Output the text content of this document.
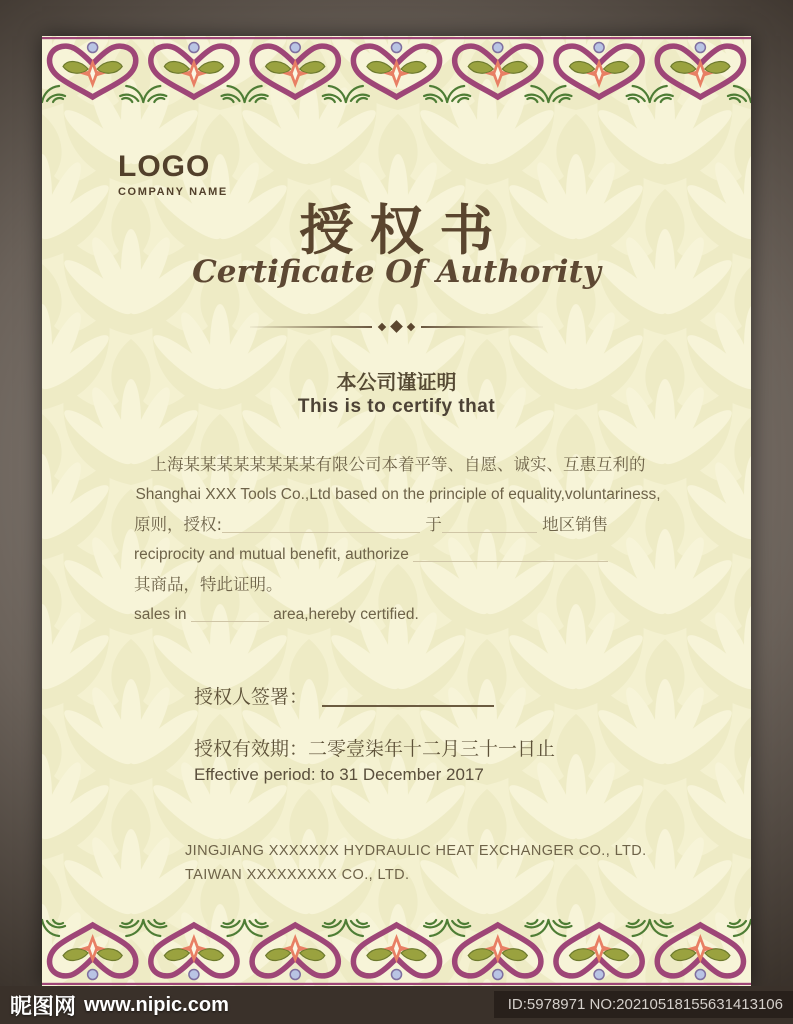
LOGO
COMPANY NAME
授权书
Certificate Of Authority
本公司谨证明
This is to certify that
上海某某某某某某某某有限公司本着平等、自愿、诚实、互惠互利的
Shanghai XXX Tools Co.,Ltd based on the principle of equality,voluntariness,
原则，授权:	于	地区销售
reciprocity and mutual benefit, authorize
其商品，特此证明。
sales in	area,hereby certified.
授权人签署：
授权有效期：二零壹柒年十二月三十一日止
Effective period: to 31 December 2017
JINGJIANG XXXXXXX HYDRAULIC HEAT EXCHANGER CO., LTD.
TAIWAN XXXXXXXXX CO., LTD.
昵图网 www.nipic.com	ID:5978971 NO:20210518155631413106
